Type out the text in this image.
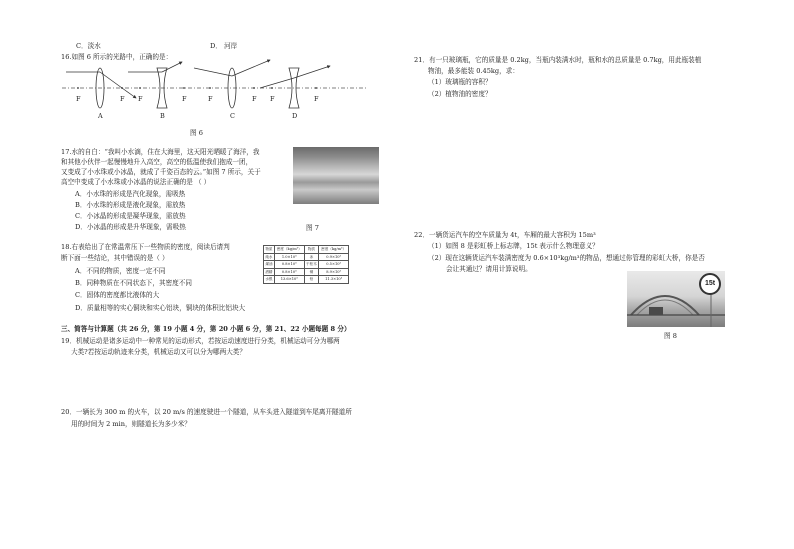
C．淡水	D． 河岸
16.如图 6 所示的光路中，正确的是：
F	F F	F	F	F F	F
A	B	C	D
图 6
17.水的自白：“我叫小水滴，住在大海里，这天阳光晒暖了海洋，我
和其他小伙伴一起慢慢地升入高空，高空的低温使我们抱成一团，
又变成了小水珠或小冰晶，就成了千姿百态的云。”如图 7 所示，关于
高空中变成了小水珠或小冰晶的说法正确的是 （ ）
A．小水珠的形成是汽化现象，需吸热
B．小水珠的形成是液化现象，需放热
C．小冰晶的形成是凝华现象，需放热
D．小冰晶的形成是升华现象，需吸热	图 7
18.右表给出了在常温常压下一些物质的密度，阅读后请判
断下面一些结论，其中错误的是（ ）
A．不同的物质，密度一定不同
B．同种物质在不同状态下，其密度不同
C．固体的密度都比液体的大
D．质量相等的实心铜块和实心铝块，铜块的体积比铝块大
物质	密度（kg/m³）	物质	密度（kg/m³）
纯水	1.0×10³	冰	0.9×10³
煤油	0.8×10³	干松木	0.5×10³
酒精	0.8×10³	铜	8.9×10³
水银	13.6×10³	铅	11.3×10³
三、简答与计算题（共 26 分，第 19 小题 4 分，第 20 小题 6 分，第 21、22 小题每题 8 分）
19．机械运动是诸多运动中一种常见的运动形式，若按运动速度进行分类，机械运动可分为哪两
大类?若按运动轨迹来分类，机械运动又可以分为哪两大类？
20．一辆长为 300 m 的火车，以 20 m/s 的速度驶进一个隧道，从车头进入隧道到车尾离开隧道所
用的时间为 2 min，则隧道长为多少米？
21．有一只玻璃瓶，它的质量是 0.2kg，当瓶内装满水时，瓶和水的总质量是 0.7kg，用此瓶装植
物油，最多能装 0.45kg，求：
（1）玻璃瓶的容积？
（2）植物油的密度？
22．一辆货运汽车的空车质量为 4t，车厢的最大容积为 15m³
（1）如图 8 是彩虹桥上标志牌，15t 表示什么物理意义？
（2）现在这辆货运汽车装满密度为 0.6×10³kg/m³的物品，想通过你管理的彩虹大桥，你是否
会让其通过？请用计算说明。
15t
图 8
